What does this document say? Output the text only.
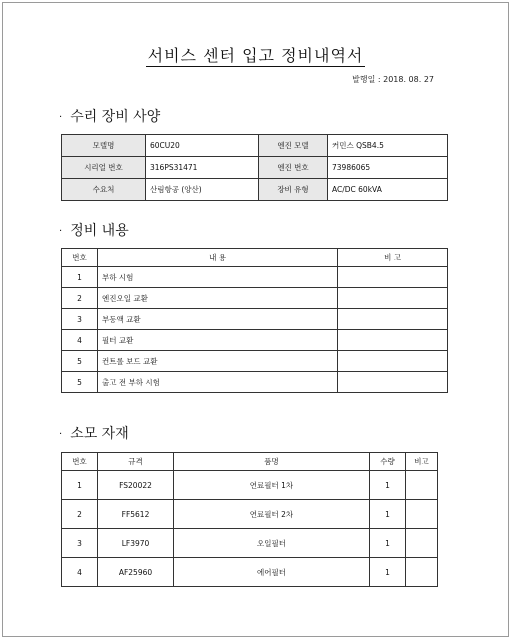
서비스 센터 입고 정비내역서
발행일 : 2018. 08. 27
· 수리 장비 사양
모델명	60CU20	엔진 모델	커민스 QSB4.5
시리얼 번호	316PS31471	엔진 번호	73986065
수요처	산림항공 (양산)	장비 유형	AC/DC 60kVA
· 정비 내용
번호	내 용	비 고
1	부하 시험	
2	엔진오일 교환	
3	부동액 교환	
4	필터 교환	
5	컨트롤 보드 교환	
5	출고 전 부하 시험	
· 소모 자재
번호	규격	품명	수량	비고
1	FS20022	연료필터 1차	1	
2	FF5612	연료필터 2차	1	
3	LF3970	오일필터	1	
4	AF25960	에어필터	1	
